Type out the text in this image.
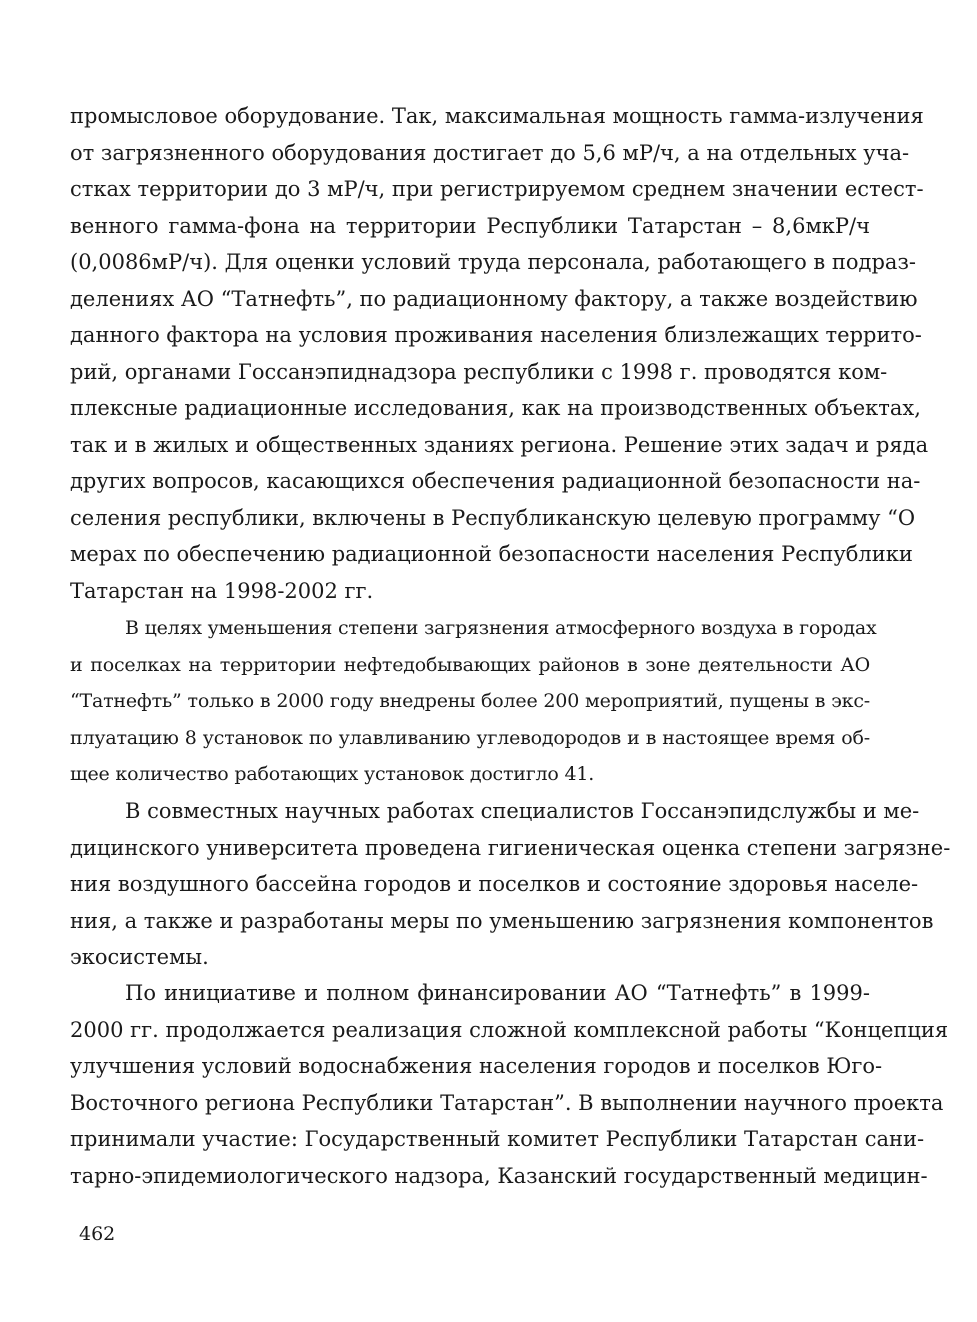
промысловое оборудование. Так, максимальная мощность гамма-излучения
от загрязненного оборудования достигает до 5,6 мР/ч, а на отдельных уча-
стках территории до 3 мР/ч, при регистрируемом среднем значении естест-
венного гамма-фона на территории Республики Татарстан – 8,6мкР/ч
(0,0086мР/ч). Для оценки условий труда персонала, работающего в подраз-
делениях АО “Татнефть”, по радиационному фактору, а также воздействию
данного фактора на условия проживания населения близлежащих террито-
рий, органами Госсанэпиднадзора республики с 1998 г. проводятся ком-
плексные радиационные исследования, как на производственных объектах,
так и в жилых и общественных зданиях региона. Решение этих задач и ряда
других вопросов, касающихся обеспечения радиационной безопасности на-
селения республики, включены в Республиканскую целевую программу “О
мерах по обеспечению радиационной безопасности населения Республики
Татарстан на 1998-2002 гг.
В целях уменьшения степени загрязнения атмосферного воздуха в городах
и поселках на территории нефтедобывающих районов в зоне деятельности АО
“Татнефть” только в 2000 году внедрены более 200 мероприятий, пущены в экс-
плуатацию 8 установок по улавливанию углеводородов и в настоящее время об-
щее количество работающих установок достигло 41.
В совместных научных работах специалистов Госсанэпидслужбы и ме-
дицинского университета проведена гигиеническая оценка степени загрязне-
ния воздушного бассейна городов и поселков и состояние здоровья населе-
ния, а также и разработаны меры по уменьшению загрязнения компонентов
экосистемы.
По инициативе и полном финансировании АО “Татнефть” в 1999-
2000 гг. продолжается реализация сложной комплексной работы “Концепция
улучшения условий водоснабжения населения городов и поселков Юго-
Восточного региона Республики Татарстан”. В выполнении научного проекта
принимали участие: Государственный комитет Республики Татарстан сани-
тарно-эпидемиологического надзора, Казанский государственный медицин-
462
